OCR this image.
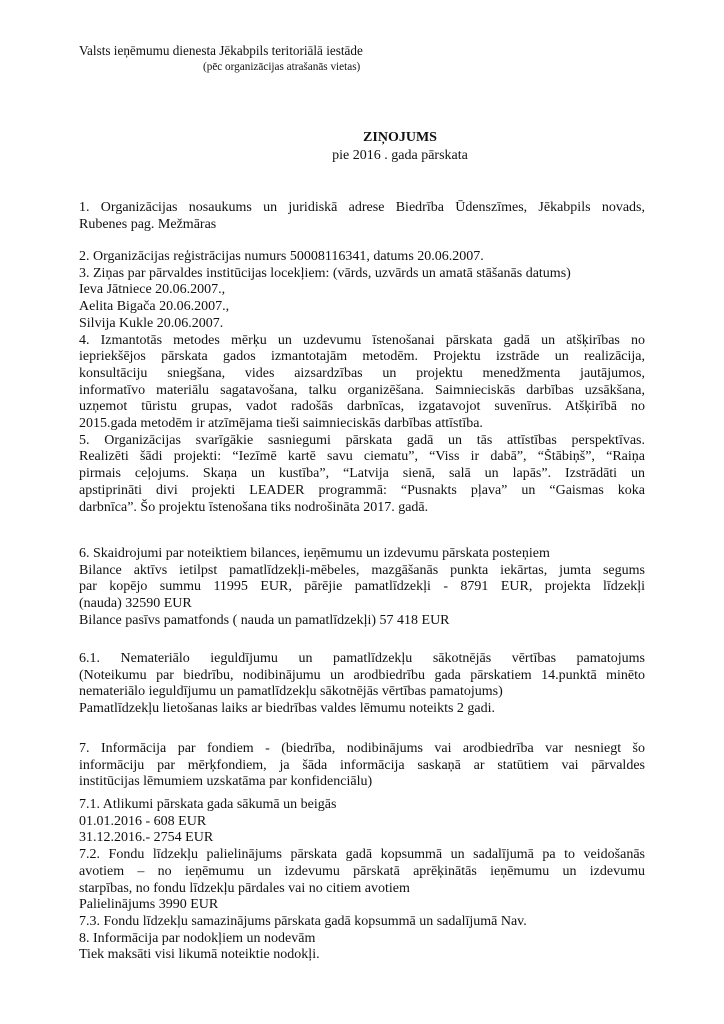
Valsts ieņēmumu dienesta Jēkabpils teritoriālā iestāde
(pēc organizācijas atrašanās vietas)
ZIŅOJUMS
pie 2016 . gada pārskata
1. Organizācijas nosaukums un juridiskā adrese Biedrība Ūdenszīmes, Jēkabpils novads,
Rubenes pag. Mežmāras
2. Organizācijas reģistrācijas numurs 50008116341, datums 20.06.2007.
3. Ziņas par pārvaldes institūcijas locekļiem: (vārds, uzvārds un amatā stāšanās datums)
Ieva Jātniece 20.06.2007.,
Aelita Bigača 20.06.2007.,
Silvija Kukle 20.06.2007.
4. Izmantotās metodes mērķu un uzdevumu īstenošanai pārskata gadā un atšķirības no
iepriekšējos pārskata gados izmantotajām metodēm. Projektu izstrāde un realizācija,
konsultāciju sniegšana, vides aizsardzības un projektu menedžmenta jautājumos,
informatīvo materiālu sagatavošana, talku organizēšana. Saimnieciskās darbības uzsākšana,
uzņemot tūristu grupas, vadot radošās darbnīcas, izgatavojot suvenīrus. Atšķirībā no
2015.gada metodēm ir atzīmējama tieši saimnieciskās darbības attīstība.
5. Organizācijas svarīgākie sasniegumi pārskata gadā un tās attīstības perspektīvas.
Realizēti šādi projekti: “Iezīmē kartē savu ciematu”, “Viss ir dabā”, “Štābiņš”, “Raiņa
pirmais ceļojums. Skaņa un kustība”, “Latvija sienā, salā un lapās”. Izstrādāti un
apstiprināti divi projekti LEADER programmā: “Pusnakts pļava” un “Gaismas koka
darbnīca”. Šo projektu īstenošana tiks nodrošināta 2017. gadā.
6. Skaidrojumi par noteiktiem bilances, ieņēmumu un izdevumu pārskata posteņiem
Bilance aktīvs ietilpst pamatlīdzekļi-mēbeles, mazgāšanās punkta iekārtas, jumta segums
par kopējo summu 11995 EUR, pārējie pamatlīdzekļi - 8791 EUR, projekta līdzekļi
(nauda) 32590 EUR
Bilance pasīvs pamatfonds ( nauda un pamatlīdzekļi) 57 418 EUR
6.1. Nemateriālo ieguldījumu un pamatlīdzekļu sākotnējās vērtības pamatojums
(Noteikumu par biedrību, nodibinājumu un arodbiedrību gada pārskatiem 14.punktā minēto
nemateriālo ieguldījumu un pamatlīdzekļu sākotnējās vērtības pamatojums)
Pamatlīdzekļu lietošanas laiks ar biedrības valdes lēmumu noteikts 2 gadi.
7. Informācija par fondiem - (biedrība, nodibinājums vai arodbiedrība var nesniegt šo
informāciju par mērķfondiem, ja šāda informācija saskaņā ar statūtiem vai pārvaldes
institūcijas lēmumiem uzskatāma par konfidenciālu)
7.1. Atlikumi pārskata gada sākumā un beigās
01.01.2016 - 608 EUR
31.12.2016.- 2754 EUR
7.2. Fondu līdzekļu palielinājums pārskata gadā kopsummā un sadalījumā pa to veidošanās
avotiem – no ieņēmumu un izdevumu pārskatā aprēķinātās ieņēmumu un izdevumu
starpības, no fondu līdzekļu pārdales vai no citiem avotiem
Palielinājums 3990 EUR
7.3. Fondu līdzekļu samazinājums pārskata gadā kopsummā un sadalījumā Nav.
8. Informācija par nodokļiem un nodevām
Tiek maksāti visi likumā noteiktie nodokļi.
